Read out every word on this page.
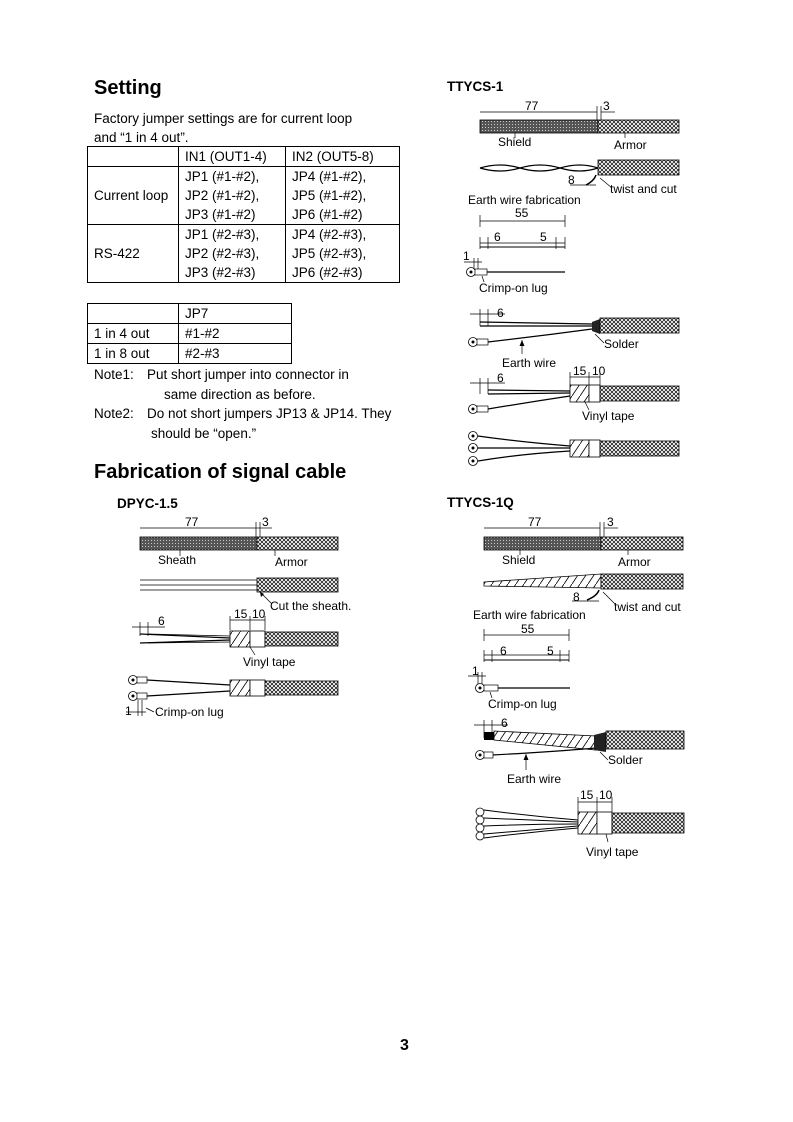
Setting
Factory jumper settings are for current loop
and “1 in 4 out”.
	IN1 (OUT1-4)	IN2 (OUT5-8)
Current loop	JP1 (#1-#2),
JP2 (#1-#2),
JP3 (#1-#2)	JP4 (#1-#2),
JP5 (#1-#2),
JP6 (#1-#2)

RS-422	JP1 (#2-#3),
JP2 (#2-#3),
JP3 (#2-#3)	JP4 (#2-#3),
JP5 (#2-#3),
JP6 (#2-#3)
	JP7
1 in 4 out	#1-#2
1 in 8 out	#2-#3
Note1: Put short jumper into connector in
same direction as before.
Note2: Do not short jumpers JP13 & JP14. They
should be “open.”
Fabrication of signal cable
DPYC-1.5
77	3
Sheath	Armor
Cut the sheath.
6	15 10
Vinyl tape
1 Crimp-on lug
TTYCS-1
77	3
Shield	Armor
8
twist and cut
Earth wire fabrication
55
6	5
1
Crimp-on lug
6
Solder
Earth wire
6	15 10
Vinyl tape
TTYCS-1Q
77	3
Shield	Armor
8
twist and cut
Earth wire fabrication
55
6	5
1
Crimp-on lug
6
Solder
Earth wire
15 10
Vinyl tape
3
